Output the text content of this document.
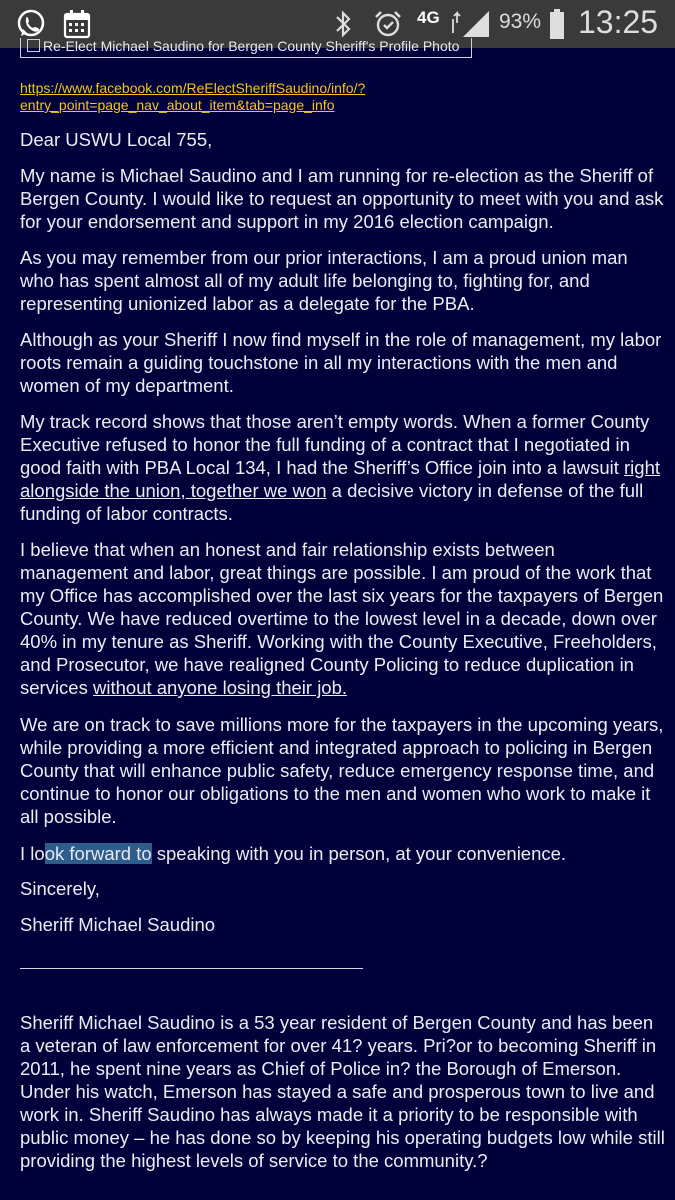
4G	93% 13:25
Re-Elect Michael Saudino for Bergen County Sheriff's Profile Photo
https://www.facebook.com/ReElectSheriffSaudino/info/?entry_point=page_nav_about_item&tab=page_info
Dear USWU Local 755,
My name is Michael Saudino and I am running for re-election as the Sheriff of Bergen County. I would like to request an opportunity to meet with you and ask for your endorsement and support in my 2016 election campaign.
As you may remember from our prior interactions, I am a proud union man who has spent almost all of my adult life belonging to, fighting for, and representing unionized labor as a delegate for the PBA.
Although as your Sheriff I now find myself in the role of management, my labor roots remain a guiding touchstone in all my interactions with the men and women of my department.
My track record shows that those aren’t empty words. When a former County Executive refused to honor the full funding of a contract that I negotiated in good faith with PBA Local 134, I had the Sheriff’s Office join into a lawsuit right alongside the union, together we won a decisive victory in defense of the full funding of labor contracts.
I believe that when an honest and fair relationship exists between management and labor, great things are possible. I am proud of the work that my Office has accomplished over the last six years for the taxpayers of Bergen County. We have reduced overtime to the lowest level in a decade, down over 40% in my tenure as Sheriff. Working with the County Executive, Freeholders, and Prosecutor, we have realigned County Policing to reduce duplication in services without anyone losing their job.
We are on track to save millions more for the taxpayers in the upcoming years, while providing a more efficient and integrated approach to policing in Bergen County that will enhance public safety, reduce emergency response time, and continue to honor our obligations to the men and women who work to make it all possible.
I look forward to speaking with you in person, at your convenience.
Sincerely,
Sheriff Michael Saudino
Sheriff Michael Saudino is a 53 year resident of Bergen County and has been a veteran of law enforcement for over 41? years. Pri?or to becoming Sheriff in 2011, he spent nine years as Chief of Police in? the Borough of Emerson. Under his watch, Emerson has stayed a safe and prosperous town to live and work in. Sheriff Saudino has always made it a priority to be responsible with public money – he has done so by keeping his operating budgets low while still providing the highest levels of service to the community.?
